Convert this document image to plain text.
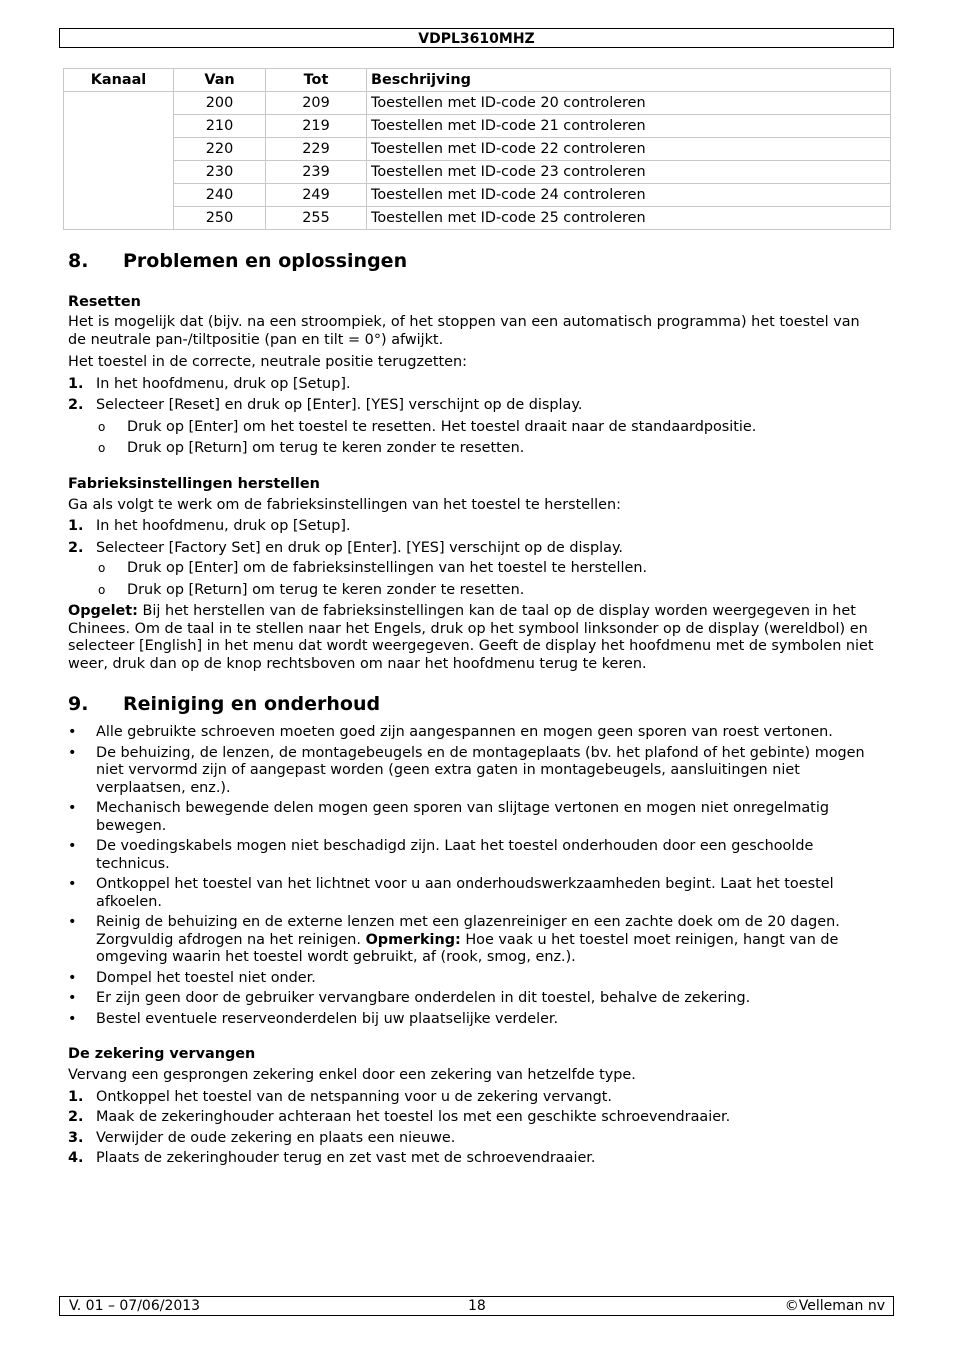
VDPL3610MHZ
Kanaal	Van	Tot	Beschrijving
	200	209	Toestellen met ID-code 20 controleren
	210	219	Toestellen met ID-code 21 controleren
	220	229	Toestellen met ID-code 22 controleren
	230	239	Toestellen met ID-code 23 controleren
	240	249	Toestellen met ID-code 24 controleren
	250	255	Toestellen met ID-code 25 controleren
8.	Problemen en oplossingen
Resetten

Het is mogelijk dat (bijv. na een stroompiek, of het stoppen van een automatisch programma) het toestel van de neutrale pan-/tiltpositie (pan en tilt = 0°) afwijkt.

Het toestel in de correcte, neutrale positie terugzetten:

1. In het hoofdmenu, druk op [Setup].
2. Selecteer [Reset] en druk op [Enter]. [YES] verschijnt op de display.
o	Druk op [Enter] om het toestel te resetten. Het toestel draait naar de standaardpositie.
o	Druk op [Return] om terug te keren zonder te resetten.
Fabrieksinstellingen herstellen

Ga als volgt te werk om de fabrieksinstellingen van het toestel te herstellen:

1. In het hoofdmenu, druk op [Setup].
2. Selecteer [Factory Set] en druk op [Enter]. [YES] verschijnt op de display.
o	Druk op [Enter] om de fabrieksinstellingen van het toestel te herstellen.
o	Druk op [Return] om terug te keren zonder te resetten.

Opgelet: Bij het herstellen van de fabrieksinstellingen kan de taal op de display worden weergegeven in het Chinees. Om de taal in te stellen naar het Engels, druk op het symbool linksonder op de display (wereldbol) en selecteer [English] in het menu dat wordt weergegeven. Geeft de display het hoofdmenu met de symbolen niet weer, druk dan op de knop rechtsboven om naar het hoofdmenu terug te keren.

9.	Reiniging en onderhoud
•	Alle gebruikte schroeven moeten goed zijn aangespannen en mogen geen sporen van roest vertonen.
•	De behuizing, de lenzen, de montagebeugels en de montageplaats (bv. het plafond of het gebinte) mogen niet vervormd zijn of aangepast worden (geen extra gaten in montagebeugels, aansluitingen niet verplaatsen, enz.).
•	Mechanisch bewegende delen mogen geen sporen van slijtage vertonen en mogen niet onregelmatig bewegen.
•	De voedingskabels mogen niet beschadigd zijn. Laat het toestel onderhouden door een geschoolde technicus.
•	Ontkoppel het toestel van het lichtnet voor u aan onderhoudswerkzaamheden begint. Laat het toestel afkoelen.
•	Reinig de behuizing en de externe lenzen met een glazenreiniger en een zachte doek om de 20 dagen. Zorgvuldig afdrogen na het reinigen. Opmerking: Hoe vaak u het toestel moet reinigen, hangt van de omgeving waarin het toestel wordt gebruikt, af (rook, smog, enz.).
•	Dompel het toestel niet onder.
•	Er zijn geen door de gebruiker vervangbare onderdelen in dit toestel, behalve de zekering.
•	Bestel eventuele reserveonderdelen bij uw plaatselijke verdeler.
De zekering vervangen

Vervang een gesprongen zekering enkel door een zekering van hetzelfde type.

1. Ontkoppel het toestel van de netspanning voor u de zekering vervangt.
2. Maak de zekeringhouder achteraan het toestel los met een geschikte schroevendraaier.
3. Verwijder de oude zekering en plaats een nieuwe.
4. Plaats de zekeringhouder terug en zet vast met de schroevendraaier.
V. 01 – 07/06/2013	18	©Velleman nv
